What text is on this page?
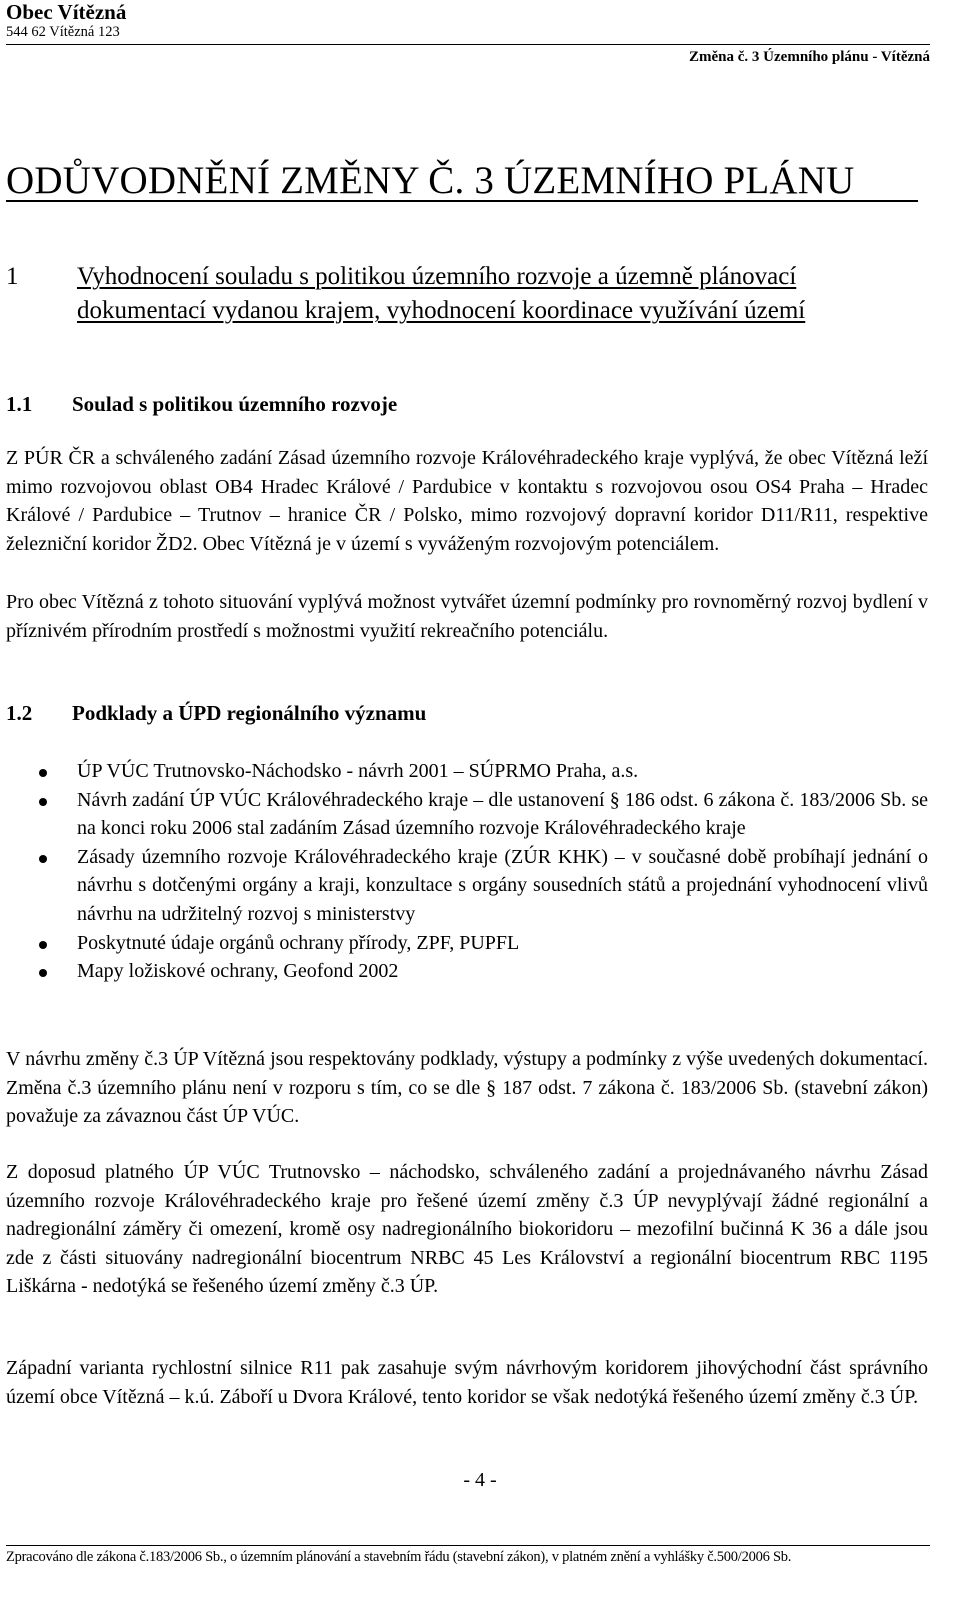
Obec Vítězná
544 62 Vítězná 123
Změna č. 3 Územního plánu - Vítězná
ODŮVODNĚNÍ ZMĚNY Č. 3 ÚZEMNÍHO PLÁNU
1 Vyhodnocení souladu s politikou územního rozvoje a územně plánovací dokumentací vydanou krajem, vyhodnocení koordinace využívání území
1.1 Soulad s politikou územního rozvoje
Z PÚR ČR a schváleného zadání Zásad územního rozvoje Královéhradeckého kraje vyplývá, že obec Vítězná leží mimo rozvojovou oblast OB4 Hradec Králové / Pardubice v kontaktu s rozvojovou osou OS4 Praha – Hradec Králové / Pardubice – Trutnov – hranice ČR / Polsko, mimo rozvojový dopravní koridor D11/R11, respektive železniční koridor ŽD2. Obec Vítězná je v území s vyváženým rozvojovým potenciálem.
Pro obec Vítězná z tohoto situování vyplývá možnost vytvářet územní podmínky pro rovnoměrný rozvoj bydlení v příznivém přírodním prostředí s možnostmi využití rekreačního potenciálu.
1.2 Podklady a ÚPD regionálního významu
ÚP VÚC Trutnovsko-Náchodsko - návrh 2001 – SÚPRMO Praha, a.s.
Návrh zadání ÚP VÚC Královéhradeckého kraje – dle ustanovení § 186 odst. 6 zákona č. 183/2006 Sb. se na konci roku 2006 stal zadáním Zásad územního rozvoje Královéhradeckého kraje
Zásady územního rozvoje Královéhradeckého kraje (ZÚR KHK) – v současné době probíhají jednání o návrhu s dotčenými orgány a kraji, konzultace s orgány sousedních států a projednání vyhodnocení vlivů návrhu na udržitelný rozvoj s ministerstvy
Poskytnuté údaje orgánů ochrany přírody, ZPF, PUPFL
Mapy ložiskové ochrany, Geofond 2002
V návrhu změny č.3 ÚP Vítězná jsou respektovány podklady, výstupy a podmínky z výše uvedených dokumentací. Změna č.3 územního plánu není v rozporu s tím, co se dle § 187 odst. 7 zákona č. 183/2006 Sb. (stavební zákon) považuje za závaznou část ÚP VÚC.
Z doposud platného ÚP VÚC Trutnovsko – náchodsko, schváleného zadání a projednávaného návrhu Zásad územního rozvoje Královéhradeckého kraje pro řešené území změny č.3 ÚP nevyplývají žádné regionální a nadregionální záměry či omezení, kromě osy nadregionálního biokoridoru – mezofilní bučinná K 36 a dále jsou zde z části situovány nadregionální biocentrum NRBC 45 Les Království a regionální biocentrum RBC 1195 Liškárna - nedotýká se řešeného území změny č.3 ÚP.
Západní varianta rychlostní silnice R11 pak zasahuje svým návrhovým koridorem jihovýchodní část správního území obce Vítězná – k.ú. Záboří u Dvora Králové, tento koridor se však nedotýká řešeného území změny č.3 ÚP.
- 4 -
Zpracováno dle zákona č.183/2006 Sb., o územním plánování a stavebním řádu (stavební zákon), v platném znění a vyhlášky č.500/2006 Sb.
